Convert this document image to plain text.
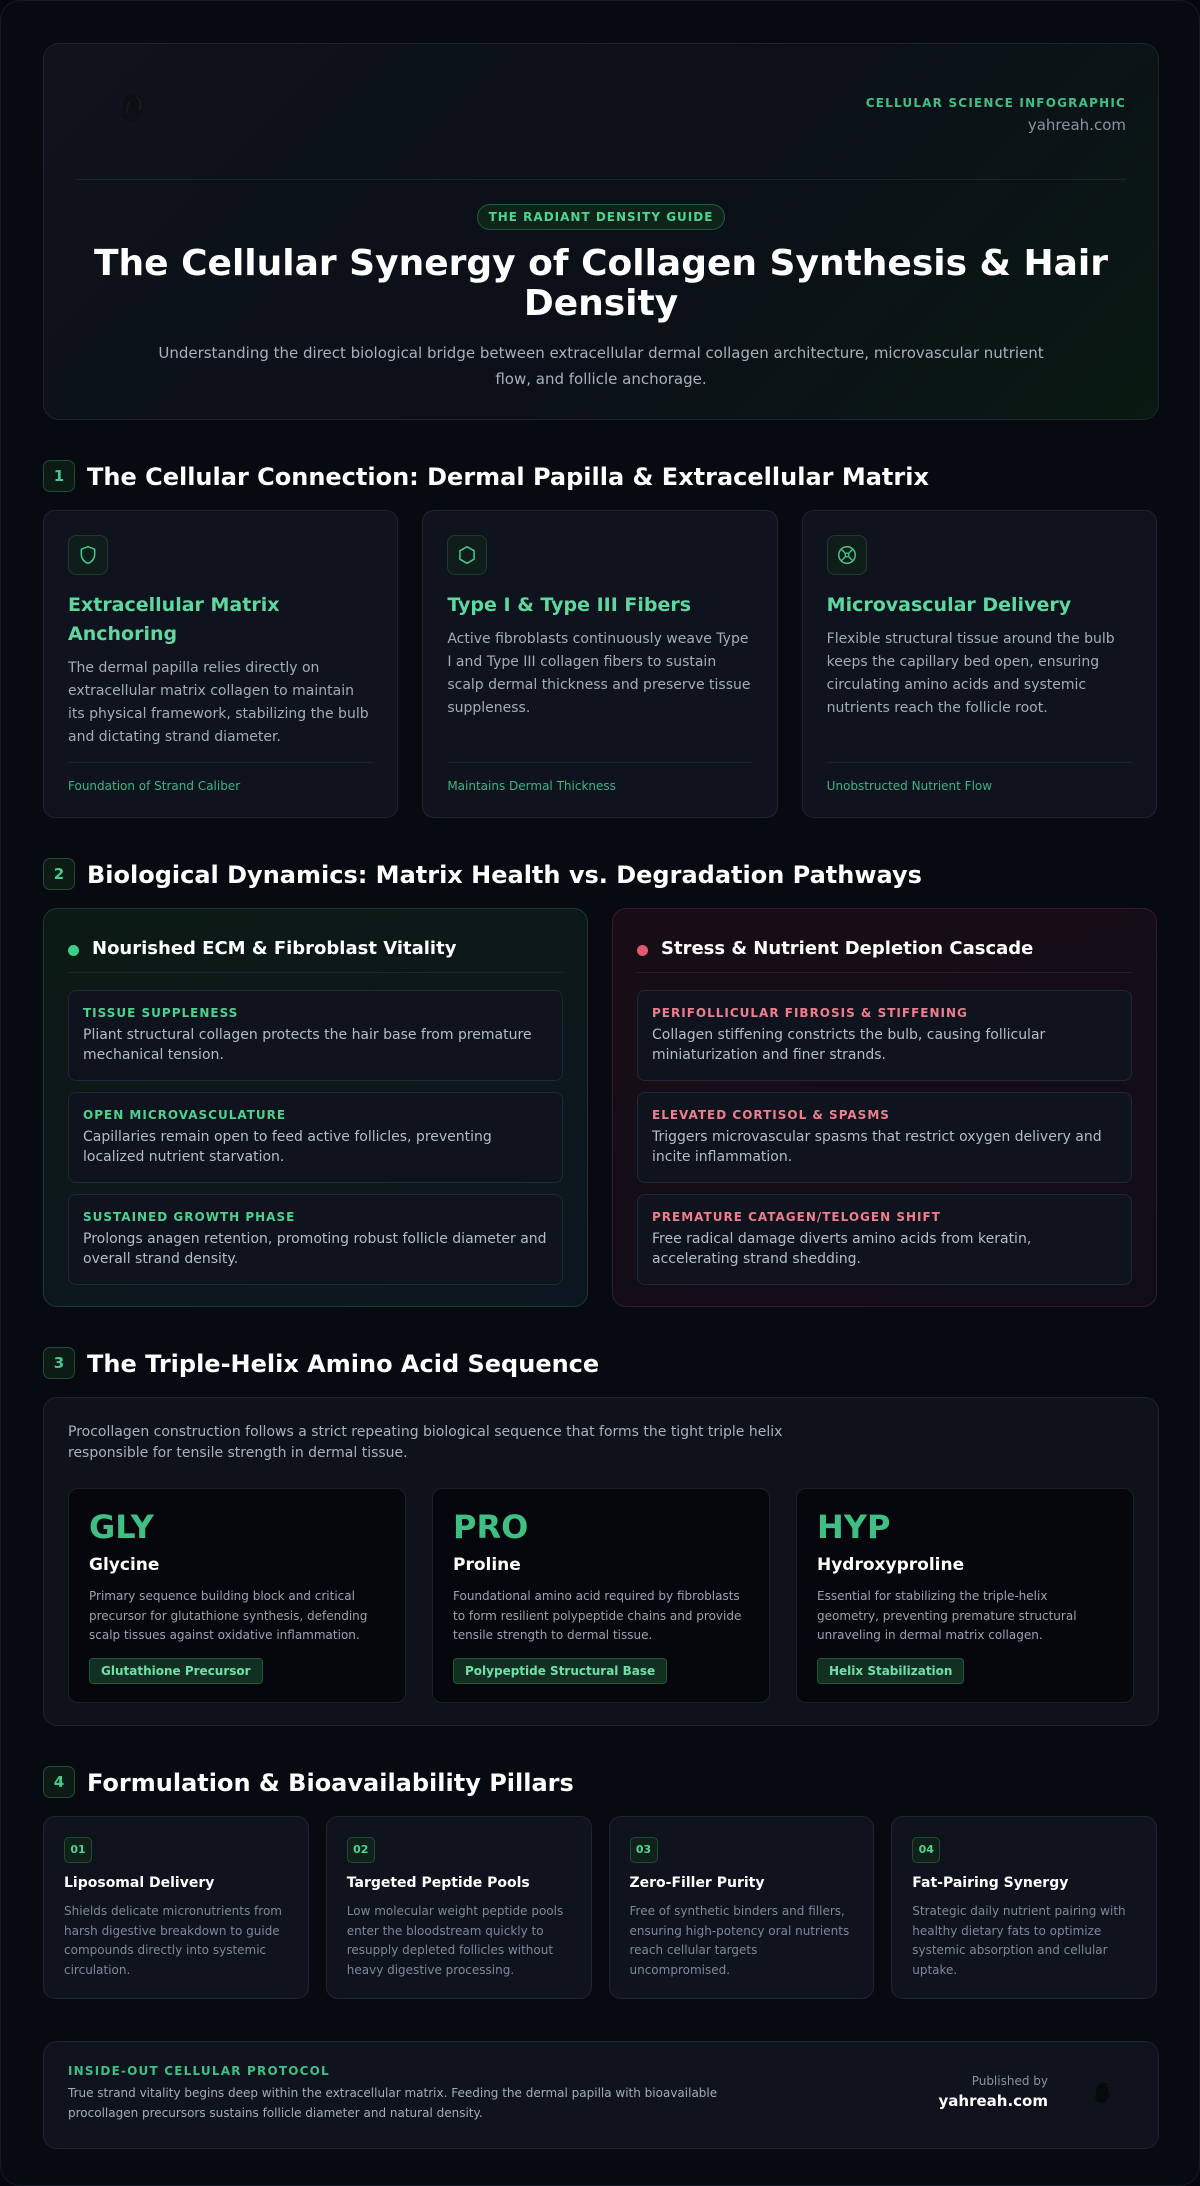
CELLULAR SCIENCE INFOGRAPHIC
yahreah.com
THE RADIANT DENSITY GUIDE
The Cellular Synergy of Collagen Synthesis & Hair Density

Understanding the direct biological bridge between extracellular dermal collagen architecture, microvascular nutrient flow, and follicle anchorage.

1 The Cellular Connection: Dermal Papilla & Extracellular Matrix
Extracellular Matrix Anchoring

The dermal papilla relies directly on extracellular matrix collagen to maintain its physical framework, stabilizing the bulb and dictating strand diameter.

Foundation of Strand Caliber
Type I & Type III Fibers

Active fibroblasts continuously weave Type I and Type III collagen fibers to sustain scalp dermal thickness and preserve tissue suppleness.

Maintains Dermal Thickness
Microvascular Delivery

Flexible structural tissue around the bulb keeps the capillary bed open, ensuring circulating amino acids and systemic nutrients reach the follicle root.

Unobstructed Nutrient Flow
2 Biological Dynamics: Matrix Health vs. Degradation Pathways
Nourished ECM & Fibroblast Vitality
TISSUE SUPPLENESS
Pliant structural collagen protects the hair base from premature mechanical tension.
OPEN MICROVASCULATURE
Capillaries remain open to feed active follicles, preventing localized nutrient starvation.
SUSTAINED GROWTH PHASE
Prolongs anagen retention, promoting robust follicle diameter and overall strand density.
Stress & Nutrient Depletion Cascade
PERIFOLLICULAR FIBROSIS & STIFFENING
Collagen stiffening constricts the bulb, causing follicular miniaturization and finer strands.
ELEVATED CORTISOL & SPASMS
Triggers microvascular spasms that restrict oxygen delivery and incite inflammation.
PREMATURE CATAGEN/TELOGEN SHIFT
Free radical damage diverts amino acids from keratin, accelerating strand shedding.
3 The Triple-Helix Amino Acid Sequence

Procollagen construction follows a strict repeating biological sequence that forms the tight triple helix responsible for tensile strength in dermal tissue.

GLY
Glycine

Primary sequence building block and critical precursor for glutathione synthesis, defending scalp tissues against oxidative inflammation.

Glutathione Precursor
PRO
Proline

Foundational amino acid required by fibroblasts to form resilient polypeptide chains and provide tensile strength to dermal tissue.

Polypeptide Structural Base
HYP
Hydroxyproline

Essential for stabilizing the triple-helix geometry, preventing premature structural unraveling in dermal matrix collagen.

Helix Stabilization
4 Formulation & Bioavailability Pillars
01
Liposomal Delivery

Shields delicate micronutrients from harsh digestive breakdown to guide compounds directly into systemic circulation.

02
Targeted Peptide Pools

Low molecular weight peptide pools enter the bloodstream quickly to resupply depleted follicles without heavy digestive processing.

03
Zero-Filler Purity

Free of synthetic binders and fillers, ensuring high-potency oral nutrients reach cellular targets uncompromised.

04
Fat-Pairing Synergy

Strategic daily nutrient pairing with healthy dietary fats to optimize systemic absorption and cellular uptake.

INSIDE-OUT CELLULAR PROTOCOL

True strand vitality begins deep within the extracellular matrix. Feeding the dermal papilla with bioavailable procollagen precursors sustains follicle diameter and natural density.

Published by
yahreah.com
